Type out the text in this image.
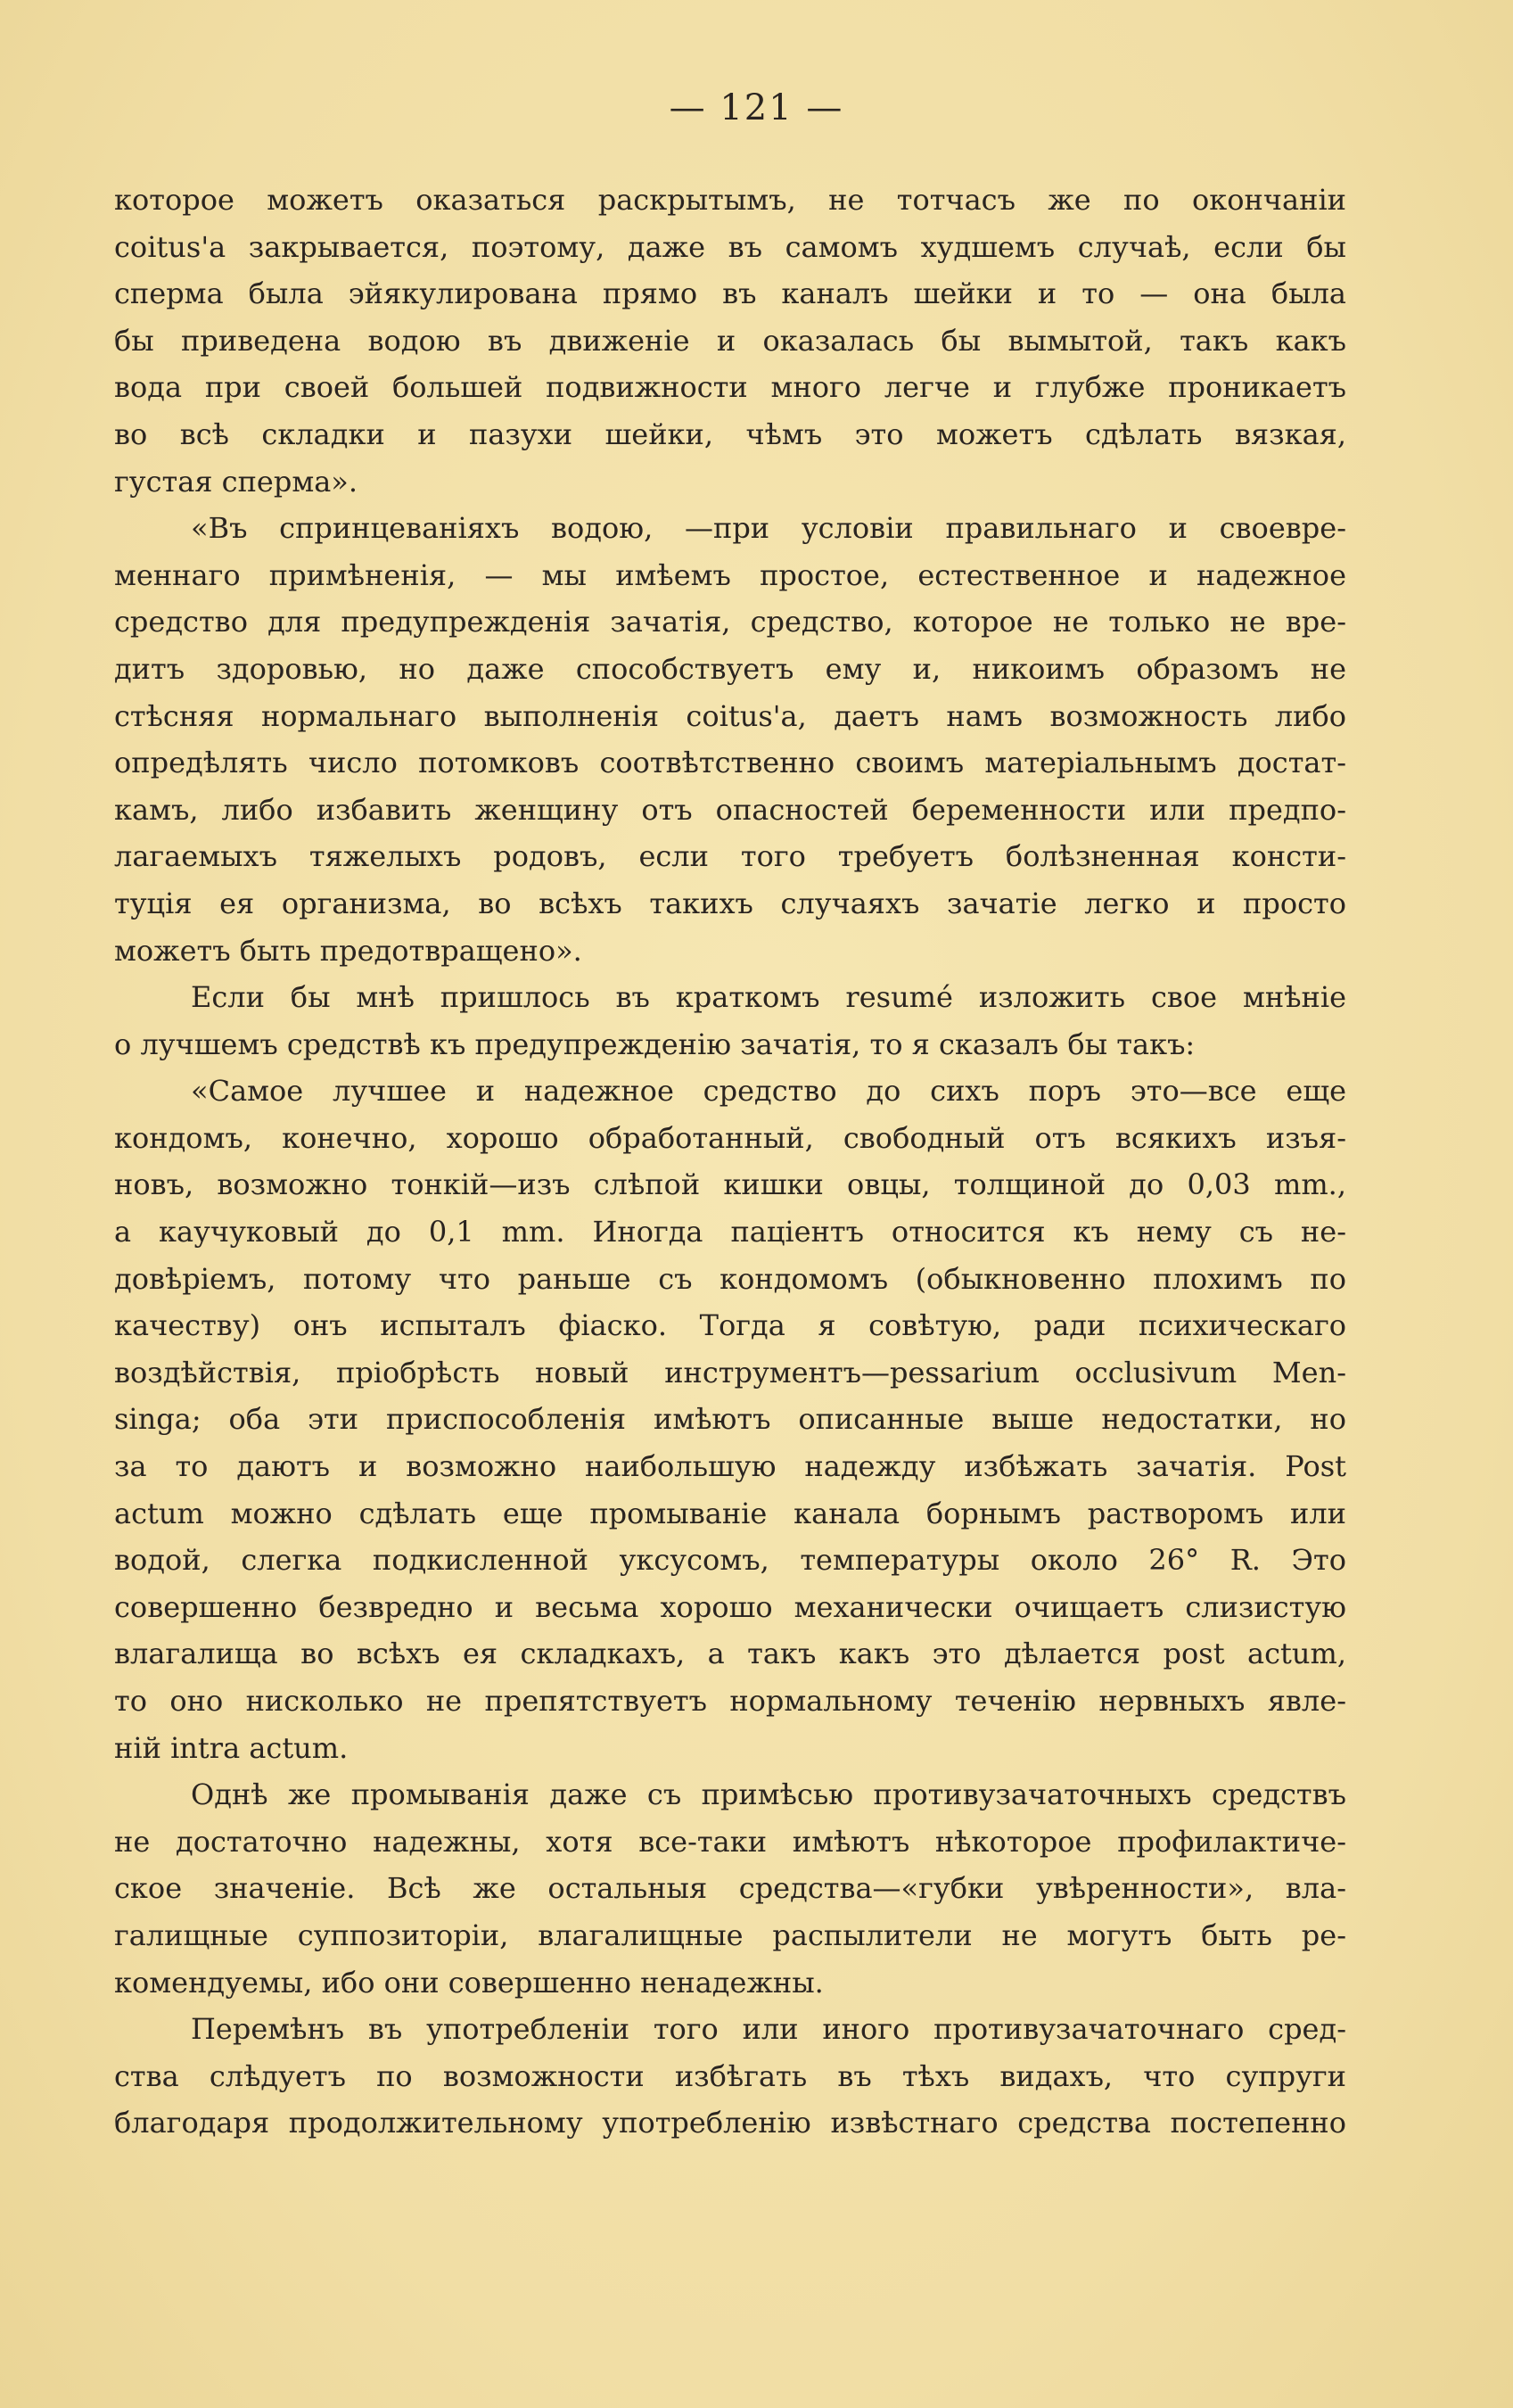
— 121 —
которое можетъ оказаться раскрытымъ, не тотчасъ же по окончанiи
coitus'a закрывается, поэтому, даже въ самомъ худшемъ случаѣ, если бы
сперма была эйякулирована прямо въ каналъ шейки и то — она была
бы приведена водою въ движенiе и оказалась бы вымытой, такъ какъ
вода при своей большей подвижности много легче и глубже проникаетъ
во всѣ складки и пазухи шейки, чѣмъ это можетъ сдѣлать вязкая,
густая сперма».
«Въ спринцеванiяхъ водою, —при условiи правильнаго и своевре-
меннаго примѣненiя, — мы имѣемъ простое, естественное и надежное
средство для предупрежденiя зачатiя, средство, которое не только не вре-
дитъ здоровью, но даже способствуетъ ему и, никоимъ образомъ не
стѣсняя нормальнаго выполненiя coitus'a, даетъ намъ возможность либо
опредѣлять число потомковъ соотвѣтственно своимъ матерiальнымъ достат-
камъ, либо избавить женщину отъ опасностей беременности или предпо-
лагаемыхъ тяжелыхъ родовъ, если того требуетъ болѣзненная консти-
туцiя ея организма, во всѣхъ такихъ случаяхъ зачатiе легко и просто
можетъ быть предотвращено».
Если бы мнѣ пришлось въ краткомъ resumé изложить свое мнѣнiе
о лучшемъ средствѣ къ предупрежденiю зачатiя, то я сказалъ бы такъ:
«Самое лучшее и надежное средство до сихъ поръ это—все еще
кондомъ, конечно, хорошо обработанный, свободный отъ всякихъ изъя-
новъ, возможно тонкiй—изъ слѣпой кишки овцы, толщиной до 0,03 mm.,
а каучуковый до 0,1 mm. Иногда пацiентъ относится къ нему съ не-
довѣрiемъ, потому что раньше съ кондомомъ (обыкновенно плохимъ по
качеству) онъ испыталъ фiаско. Тогда я совѣтую, ради психическаго
воздѣйствiя, прiобрѣсть новый инструментъ—pessarium occlusivum Men-
singa; оба эти приспособленiя имѣютъ описанные выше недостатки, но
за то даютъ и возможно наибольшую надежду избѣжать зачатiя. Post
actum можно сдѣлать еще промыванiе канала борнымъ растворомъ или
водой, слегка подкисленной уксусомъ, температуры около 26° R. Это
совершенно безвредно и весьма хорошо механически очищаетъ слизистую
влагалища во всѣхъ ея складкахъ, а такъ какъ это дѣлается post actum,
то оно нисколько не препятствуетъ нормальному теченiю нервныхъ явле-
нiй intra actum.
Однѣ же промыванiя даже съ примѣсью противузачаточныхъ средствъ
не достаточно надежны, хотя все-таки имѣютъ нѣкоторое профилактиче-
ское значенiе. Всѣ же остальныя средства—«губки увѣренности», вла-
галищные суппозиторiи, влагалищные распылители не могутъ быть ре-
комендуемы, ибо они совершенно ненадежны.
Перемѣнъ въ употребленiи того или иного противузачаточнаго сред-
ства слѣдуетъ по возможности избѣгать въ тѣхъ видахъ, что супруги
благодаря продолжительному употребленiю извѣстнаго средства постепенно
